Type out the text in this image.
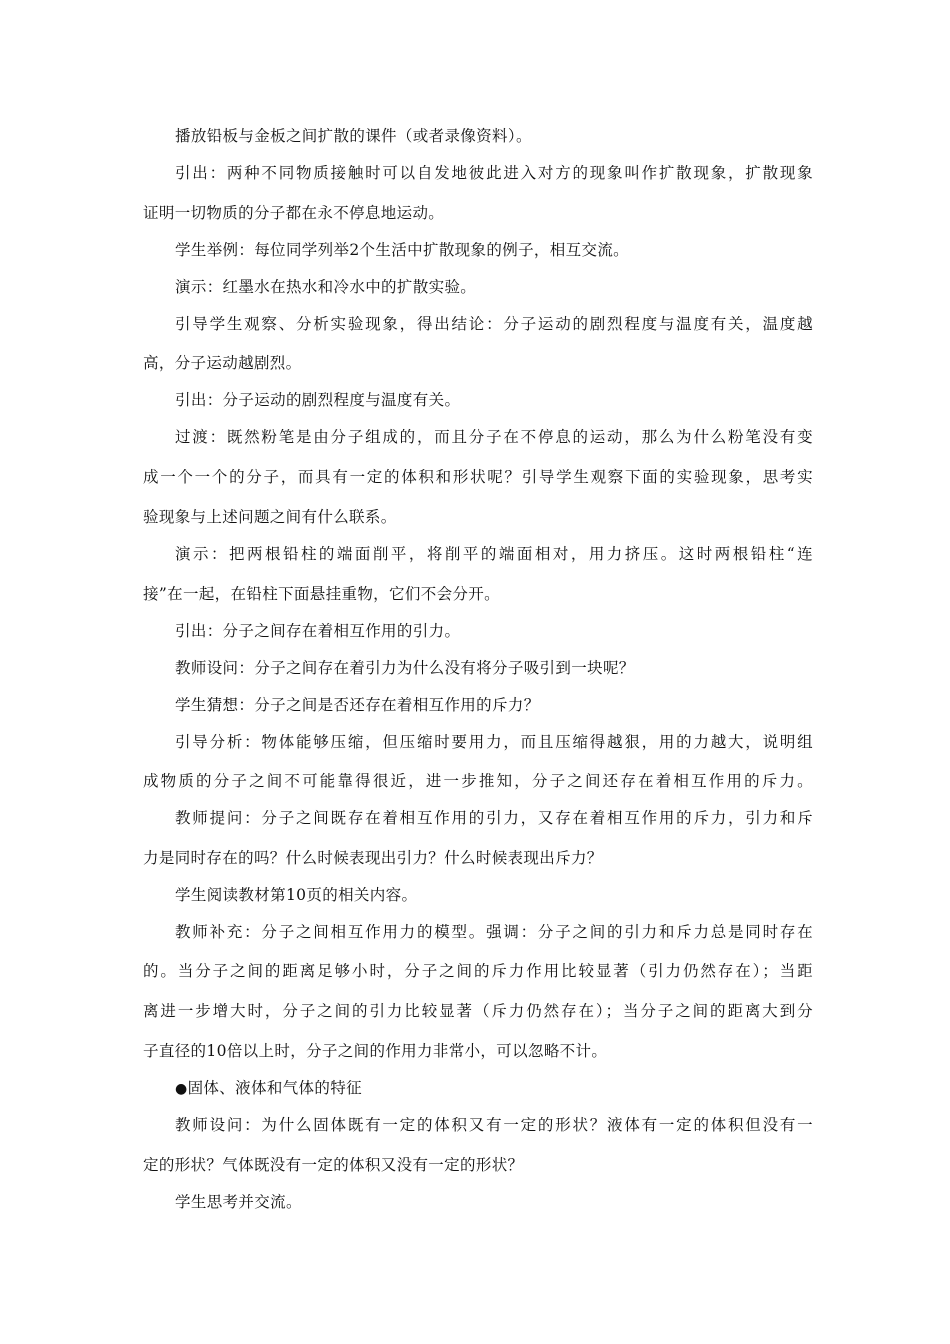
播放铅板与金板之间扩散的课件（或者录像资料）。
引出：两种不同物质接触时可以自发地彼此进入对方的现象叫作扩散现象，扩散现象
证明一切物质的分子都在永不停息地运动。
学生举例：每位同学列举2个生活中扩散现象的例子，相互交流。
演示：红墨水在热水和冷水中的扩散实验。
引导学生观察、分析实验现象，得出结论：分子运动的剧烈程度与温度有关，温度越
高，分子运动越剧烈。
引出：分子运动的剧烈程度与温度有关。
过渡：既然粉笔是由分子组成的，而且分子在不停息的运动，那么为什么粉笔没有变
成一个一个的分子，而具有一定的体积和形状呢？引导学生观察下面的实验现象，思考实
验现象与上述问题之间有什么联系。
演示：把两根铅柱的端面削平，将削平的端面相对，用力挤压。这时两根铅柱“连
接”在一起，在铅柱下面悬挂重物，它们不会分开。
引出：分子之间存在着相互作用的引力。
教师设问：分子之间存在着引力为什么没有将分子吸引到一块呢？
学生猜想：分子之间是否还存在着相互作用的斥力？
引导分析：物体能够压缩，但压缩时要用力，而且压缩得越狠，用的力越大，说明组
成物质的分子之间不可能靠得很近，进一步推知，分子之间还存在着相互作用的斥力。
教师提问：分子之间既存在着相互作用的引力，又存在着相互作用的斥力，引力和斥
力是同时存在的吗？什么时候表现出引力？什么时候表现出斥力？
学生阅读教材第10页的相关内容。
教师补充：分子之间相互作用力的模型。强调：分子之间的引力和斥力总是同时存在
的。当分子之间的距离足够小时，分子之间的斥力作用比较显著（引力仍然存在）；当距
离进一步增大时，分子之间的引力比较显著（斥力仍然存在）；当分子之间的距离大到分
子直径的10倍以上时，分子之间的作用力非常小，可以忽略不计。
●固体、液体和气体的特征
教师设问：为什么固体既有一定的体积又有一定的形状？液体有一定的体积但没有一
定的形状？气体既没有一定的体积又没有一定的形状？
学生思考并交流。
